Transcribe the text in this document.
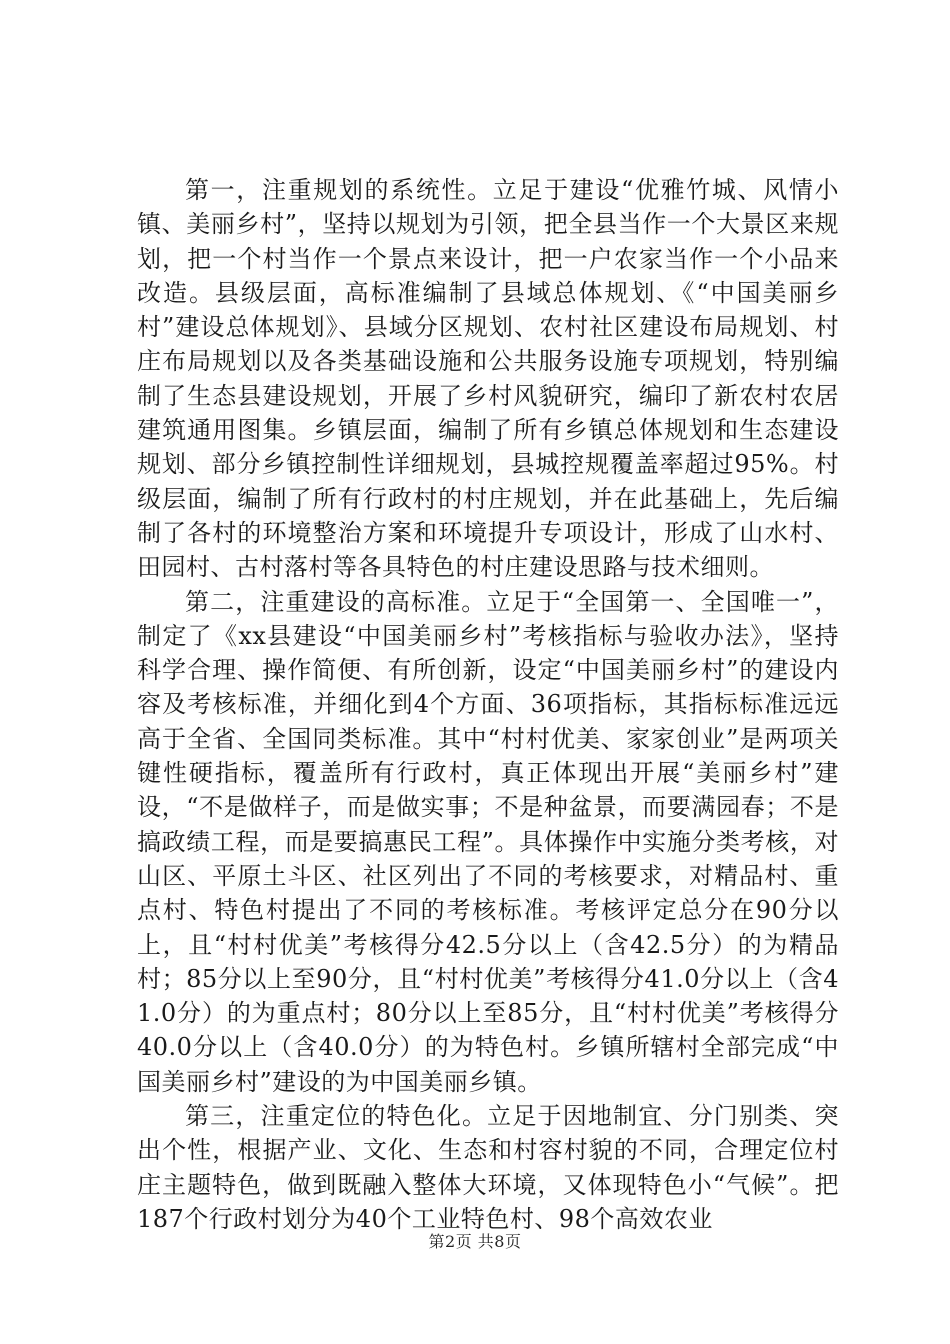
第一，注重规划的系统性。立足于建设“优雅竹城、风情小镇、美丽乡村”，坚持以规划为引领，把全县当作一个大景区来规划，把一个村当作一个景点来设计，把一户农家当作一个小品来改造。县级层面，高标准编制了县域总体规划、《“中国美丽乡村”建设总体规划》、县域分区规划、农村社区建设布局规划、村庄布局规划以及各类基础设施和公共服务设施专项规划，特别编制了生态县建设规划，开展了乡村风貌研究，编印了新农村农居建筑通用图集。乡镇层面，编制了所有乡镇总体规划和生态建设规划、部分乡镇控制性详细规划，县城控规覆盖率超过95%。村级层面，编制了所有行政村的村庄规划，并在此基础上，先后编制了各村的环境整治方案和环境提升专项设计，形成了山水村、田园村、古村落村等各具特色的村庄建设思路与技术细则。

第二，注重建设的高标准。立足于“全国第一、全国唯一”，制定了《xx县建设“中国美丽乡村”考核指标与验收办法》，坚持科学合理、操作简便、有所创新，设定“中国美丽乡村”的建设内容及考核标准，并细化到4个方面、36项指标，其指标标准远远高于全省、全国同类标准。其中“村村优美、家家创业”是两项关键性硬指标，覆盖所有行政村，真正体现出开展“美丽乡村”建设，“不是做样子，而是做实事；不是种盆景，而要满园春；不是搞政绩工程，而是要搞惠民工程”。具体操作中实施分类考核，对山区、平原土斗区、社区列出了不同的考核要求，对精品村、重点村、特色村提出了不同的考核标准。考核评定总分在90分以上，且“村村优美”考核得分42.5分以上（含42.5分）的为精品村；85分以上至90分，且“村村优美”考核得分41.0分以上（含41.0分）的为重点村；80分以上至85分，且“村村优美”考核得分40.0分以上（含40.0分）的为特色村。乡镇所辖村全部完成“中国美丽乡村”建设的为中国美丽乡镇。

第三，注重定位的特色化。立足于因地制宜、分门别类、突出个性，根据产业、文化、生态和村容村貌的不同，合理定位村庄主题特色，做到既融入整体大环境，又体现特色小“气候”。把187个行政村划分为40个工业特色村、98个高效农业

第2页 共8页
